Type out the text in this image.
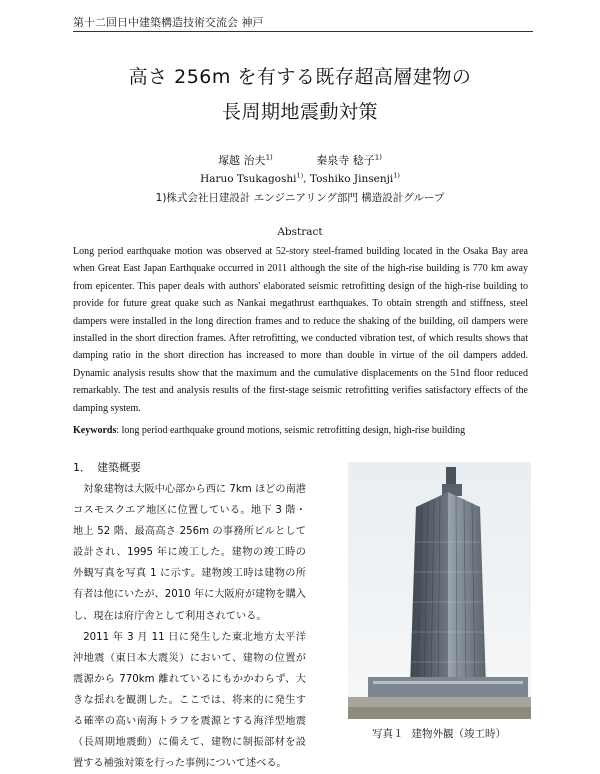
第十二回日中建築構造技術交流会 神戸
高さ 256m を有する既存超高層建物の
長周期地震動対策
塚越 治夫$^{1)}$	秦泉寺 稔子$^{1)}$
Haruo Tsukagoshi$^{1)}$, Toshiko Jinsenji$^{1)}$
1)株式会社日建設計 エンジニアリング部門 構造設計グループ
Abstract
Long period earthquake motion was observed at 52-story steel-framed building located in the Osaka Bay area when Great East Japan Earthquake occurred in 2011 although the site of the high-rise building is 770 km away from epicenter. This paper deals with authors' elaborated seismic retrofitting design of the high-rise building to provide for future great quake such as Nankai megathrust earthquakes. To obtain strength and stiffness, steel dampers were installed in the long direction frames and to reduce the shaking of the building, oil dampers were installed in the short direction frames. After retrofitting, we conducted vibration test, of which results shows that damping ratio in the short direction has increased to more than double in virtue of the oil dampers added. Dynamic analysis results show that the maximum and the cumulative displacements on the 51nd floor reduced remarkably. The test and analysis results of the first-stage seismic retrofitting verifies satisfactory effects of the damping system.
Keywords: long period earthquake ground motions, seismic retrofitting design, high-rise building
1． 建築概要

対象建物は大阪中心部から西に 7km ほどの南港コスモスクエア地区に位置している。地下 3 階・地上 52 階、最高高さ 256m の事務所ビルとして設計され、1995 年に竣工した。建物の竣工時の外観写真を写真 1 に示す。建物竣工時は建物の所有者は他にいたが、2010 年に大阪府が建物を購入し、現在は府庁舎として利用されている。

2011 年 3 月 11 日に発生した東北地方太平洋沖地震（東日本大震災）において、建物の位置が震源から 770km 離れているにもかかわらず、大きな揺れを観測した。ここでは、将来的に発生する確率の高い南海トラフを震源とする海洋型地震（長周期地震動）に備えて、建物に制振部材を設置する補強対策を行った事例について述べる。

写真１ 建物外観（竣工時）
